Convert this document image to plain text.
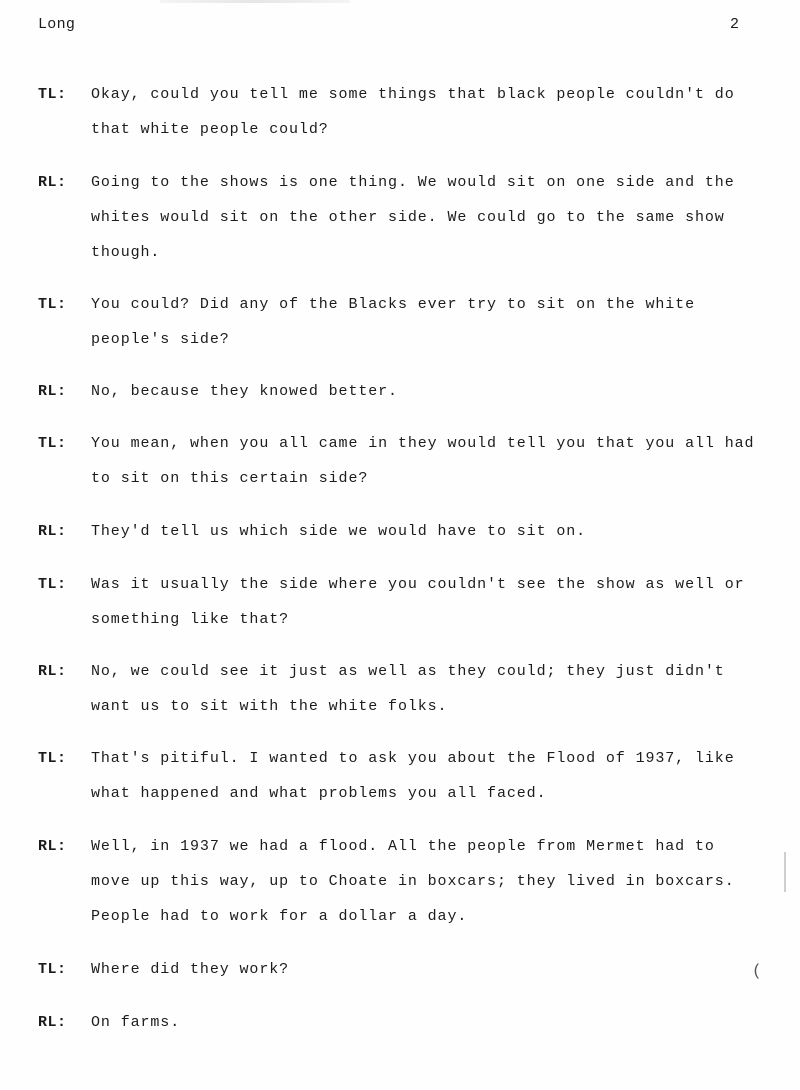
Long	2
TL: Okay, could you tell me some things that black people couldn't do that white people could?
RL: Going to the shows is one thing. We would sit on one side and the whites would sit on the other side. We could go to the same show though.
TL: You could? Did any of the Blacks ever try to sit on the white people's side?
RL: No, because they knowed better.
TL: You mean, when you all came in they would tell you that you all had to sit on this certain side?
RL: They'd tell us which side we would have to sit on.
TL: Was it usually the side where you couldn't see the show as well or something like that?
RL: No, we could see it just as well as they could; they just didn't want us to sit with the white folks.
TL: That's pitiful. I wanted to ask you about the Flood of 1937, like what happened and what problems you all faced.
RL: Well, in 1937 we had a flood. All the people from Mermet had to move up this way, up to Choate in boxcars; they lived in boxcars. People had to work for a dollar a day.
TL: Where did they work?
RL: On farms.
(
